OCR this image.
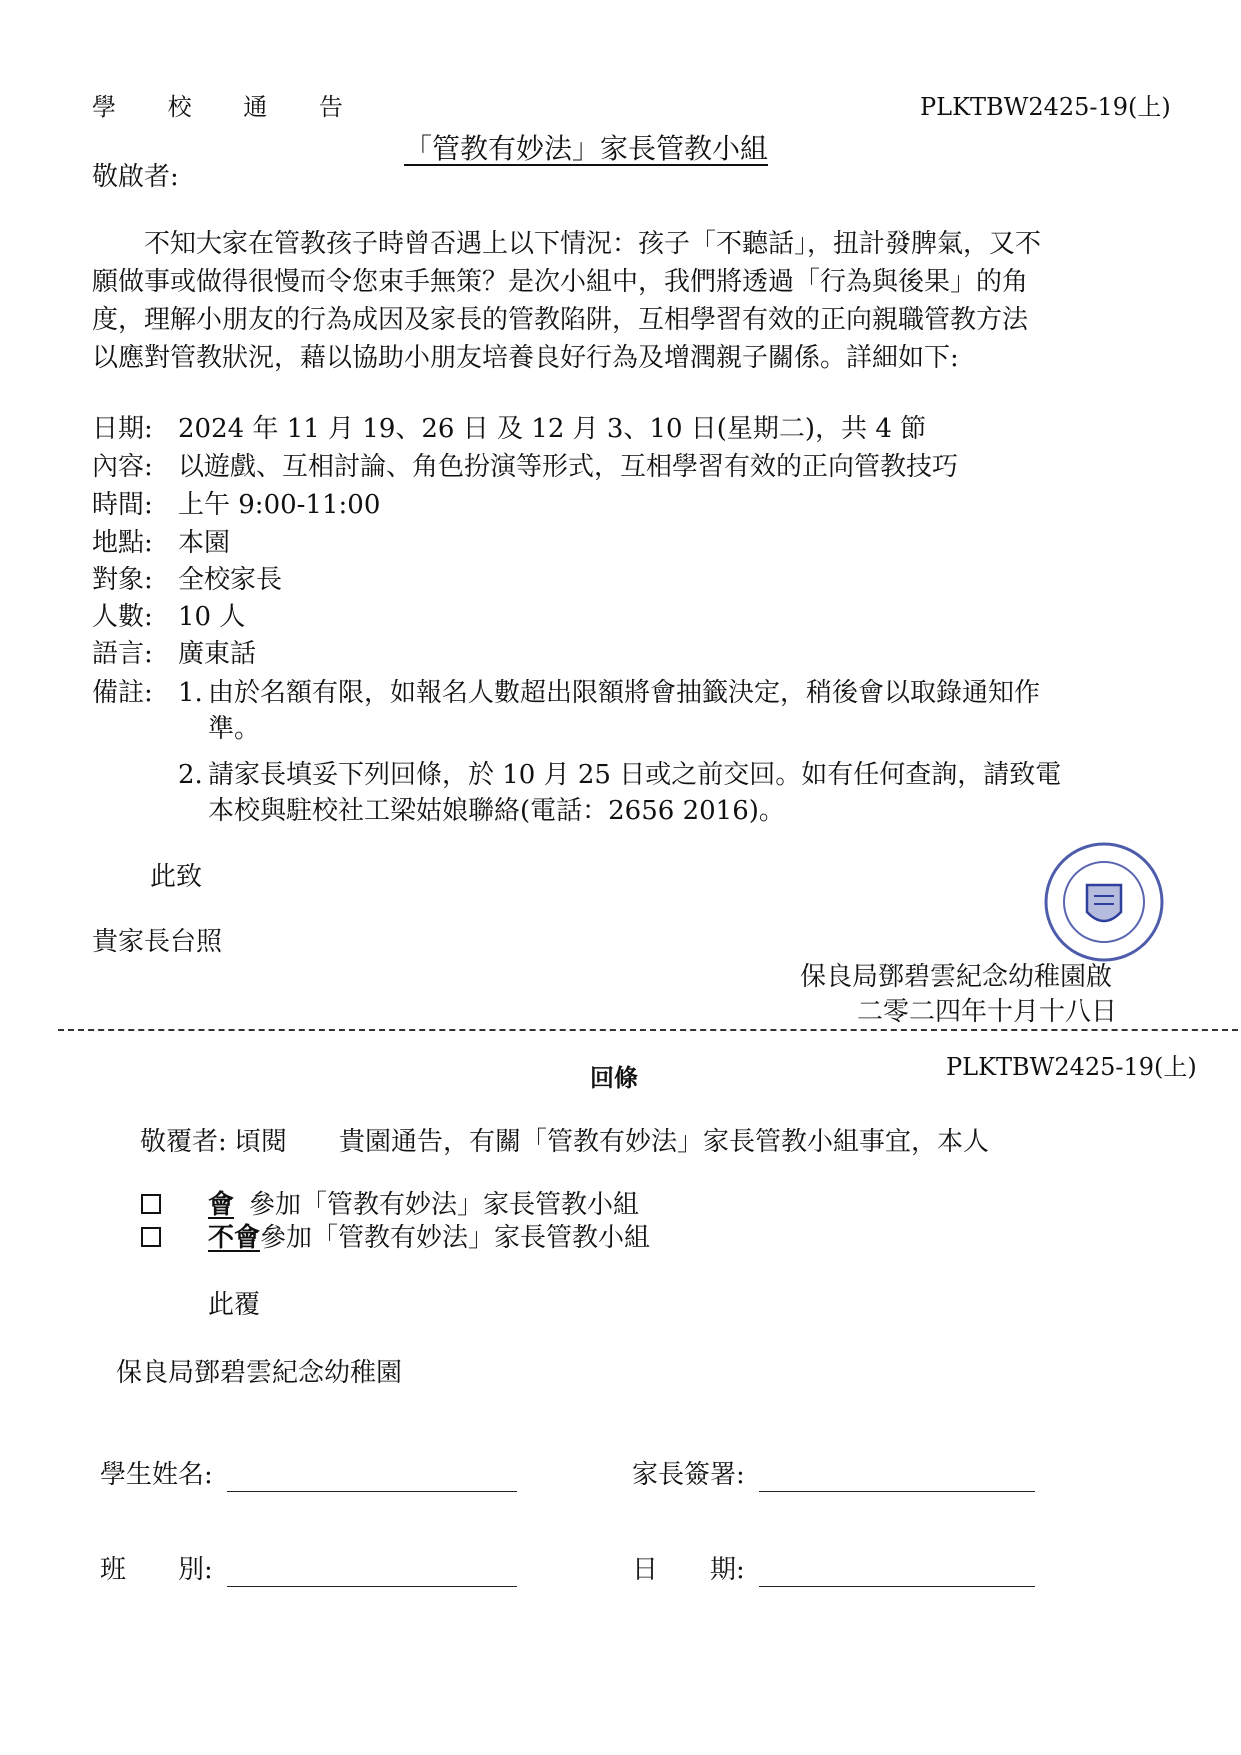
學 校 通 告	PLKTBW2425-19(上)
「管教有妙法」家長管教小組
敬啟者:
　　不知大家在管教孩子時曾否遇上以下情況：孩子「不聽話」，扭計發脾氣，又不
願做事或做得很慢而令您束手無策？是次小組中，我們將透過「行為與後果」的角
度，理解小朋友的行為成因及家長的管教陷阱，互相學習有效的正向親職管教方法
以應對管教狀況，藉以協助小朋友培養良好行為及增潤親子關係。詳細如下:
日期: 2024 年 11 月 19、26 日 及 12 月 3、10 日(星期二)，共 4 節
內容: 以遊戲、互相討論、角色扮演等形式，互相學習有效的正向管教技巧
時間: 上午 9:00-11:00
地點: 本園
對象: 全校家長
人數: 10 人
語言: 廣東話
備註: 1. 由於名額有限，如報名人數超出限額將會抽籤決定，稍後會以取錄通知作
準。
2. 請家長填妥下列回條，於 10 月 25 日或之前交回。如有任何查詢，請致電
本校與駐校社工梁姑娘聯絡(電話：2656 2016)。
此致
貴家長台照
保良局鄧碧雲紀念幼稚園啟
二零二四年十月十八日
回條	PLKTBW2425-19(上)
敬覆者: 頃閱　　貴園通告，有關「管教有妙法」家長管教小組事宜，本人
會 參加「管教有妙法」家長管教小組
不會參加「管教有妙法」家長管教小組
此覆
保良局鄧碧雲紀念幼稚園
學生姓名:	家長簽署:
班　　別:	日　　期:
